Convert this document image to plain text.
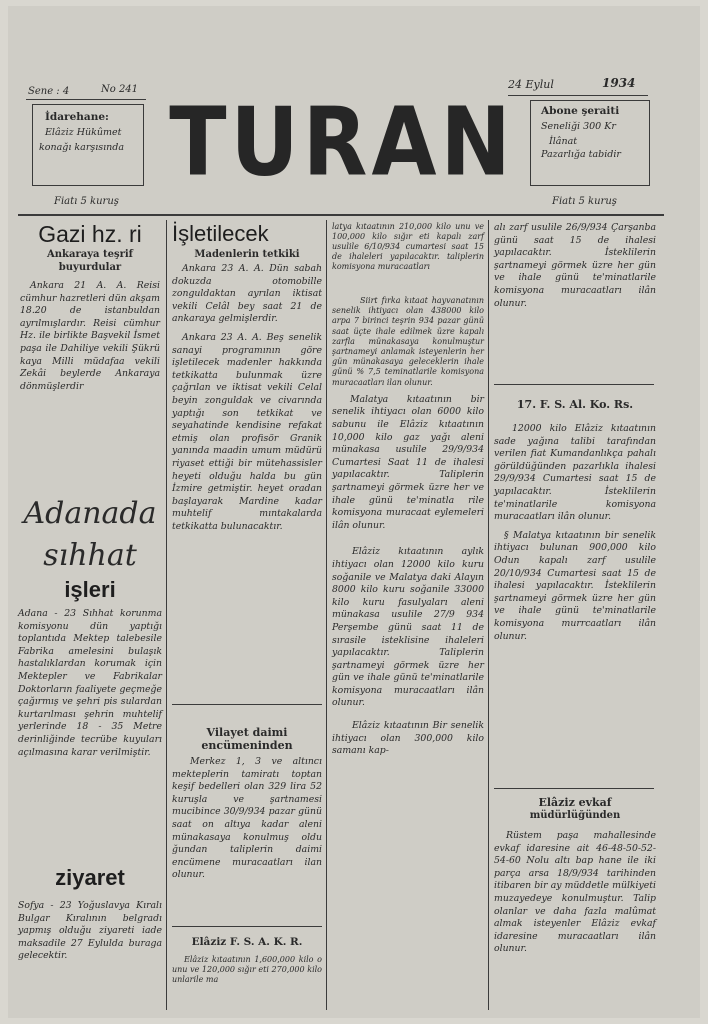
Sene : 4	No 241	24 Eylul	1934
İdarehane:
Elâziz Hükûmet
konağı karşısında TURAN	Abone şeraiti
Seneliği 300 Kr
İlânat
Pazarlığa tabidir
Fiatı 5 kuruş	Fiatı 5 kuruş
Gazi hz. ri
Ankaraya teşrif
buyurdular

Ankara 21 A. A. Reisi cümhur hazretleri dün akşam 18.20 de istanbuldan ayrılmışlardır. Reisi cümhur Hz. ile birlikte Başvekil İsmet paşa ile Dahiliye vekili Şükrü kaya Milli müdafaa vekili Zekâi beylerde Ankaraya dönmüşlerdir

Adanada
sıhhat
işleri

Adana - 23 Sıhhat korunma komisyonu dün yaptığı toplantıda Mektep talebesile Fabrika amelesini bulaşık hastalıklardan korumak için Mektepler ve Fabrikalar Doktorların faaliyete geçmeğe çağırmış ve şehri pis sulardan kurtarılması şehrin muhtelif yerlerinde 18 - 35 Metre derinliğinde tecrübe kuyuları açılmasına karar verilmiştir.

ziyaret

Sofya - 23 Yoğuslavya Kıralı Bulgar Kıralının belgradı yapmış olduğu ziyareti iade maksadile 27 Eylulda buraga gelecektir.

İşletilecek
Madenlerin tetkiki

Ankara 23 A. A. Dün sabah dokuzda otomobille zonguldaktan ayrılan iktisat vekili Celâl bey saat 21 de ankaraya gelmişlerdir.

Ankara 23 A. A. Beş senelik sanayi programının göre işletilecek madenler hakkında tetkikatta bulunmak üzre çağrılan ve iktisat vekili Celal beyin zonguldak ve civarında yaptığı son tetkikat ve seyahatinde kendisine refakat etmiş olan profisör Granik yanında maadin umum müdürü riyaset ettiği bir mütehassisler heyeti olduğu halda bu gün İzmire getmiştir. heyet oradan başlayarak Mardine kadar muhtelif mıntakalarda tetkikatta bulunacaktır.

Vilayet daimi
encümeninden

Merkez 1, 3 ve altıncı mekteplerin tamiratı toptan keşif bedelleri olan 329 lira 52 kuruşla ve şartnamesi mucibince 30/9/934 pazar günü saat on altıya kadar aleni münakasaya konulmuş oldu ğundan taliplerin daimi encümene muracaatları ilan olunur.

Elâziz F. S. A. K. R.

Elâziz kıtaatının 1,600,000 kilo o unu ve 120,000 sığır eti 270,000 kilo unlarile ma

latya kıtaatının 210,000 kilo unu ve 100,000 kilo sığır eti kapalı zarf usulile 6/10/934 cumartesi saat 15 de ihaleleri yapılacaktır. taliplerin komisyona muracaatları

Siirt fırka kıtaat hayvanatının senelik ihtiyacı olan 438000 kilo arpa 7 birinci teşrin 934 pazar günü saat üçte ihale edilmek üzre kapalı zarfla münakasaya konulmuştur şartnameyi anlamak isteyenlerin her gün münakasaya geleceklerin ihale günü % 7,5 teminatlarile komisyona muracaatları ilan olunur.

Malatya kıtaatının bir senelik ihtiyacı olan 6000 kilo sabunu ile Elâziz kıtaatının 10,000 kilo gaz yağı aleni münakasa usulile 29/9/934 Cumartesi Saat 11 de ihalesi yapılacaktır. Taliplerin şartnameyi görmek üzre her ve ihale günü te'minatla rile komisyona muracaat eylemeleri ilân olunur.

Elâziz kıtaatının aylık ihtiyacı olan 12000 kilo kuru soğanile ve Malatya daki Alayın 8000 kilo kuru soğanile 33000 kilo kuru fasulyaları aleni münakasa usulile 27/9 934 Perşembe günü saat 11 de sırasile isteklisine ihaleleri yapılacaktır. Taliplerin şartnameyi görmek üzre her gün ve ihale günü te'minatlarile komisyona muracaatları ilân olunur.

Elâziz kıtaatının Bir senelik ihtiyacı olan 300,000 kilo samanı kap-

alı zarf usulile 26/9/934 Çarşanba günü saat 15 de ihalesi yapılacaktır. İsteklilerin şartnameyi görmek üzre her gün ve ihale günü te'minatlarile komisyona muracaatları ilân olunur.

17. F. S. Al. Ko. Rs.

12000 kilo Elâziz kıtaatının sade yağına talibi tarafından verilen fiat Kumandanlıkça pahalı görüldüğünden pazarlıkla ihalesi 29/9/934 Cumartesi saat 15 de yapılacaktır. İsteklilerin te'minatlarile komisyona muracaatları ilân olunur.

§ Malatya kıtaatının bir senelik ihtiyacı bulunan 900,000 kilo Odun kapalı zarf usulile 20/10/934 Cumartesi saat 15 de ihalesi yapılacaktır. İsteklilerin şartnameyi görmek üzre her gün ve ihale günü te'minatlarile komisyona murrcaatları ilân olunur.

Elâziz evkaf
müdürlüğünden

Rüstem paşa mahallesinde evkaf idaresine ait 46-48-50-52-54-60 Nolu altı bap hane ile iki parça arsa 18/9/934 tarihinden itibaren bir ay müddetle mülkiyeti muzayedeye konulmuştur. Talip olanlar ve daha fazla malûmat almak isteyenler Elâziz evkaf idaresine muracaatları ilân olunur.
